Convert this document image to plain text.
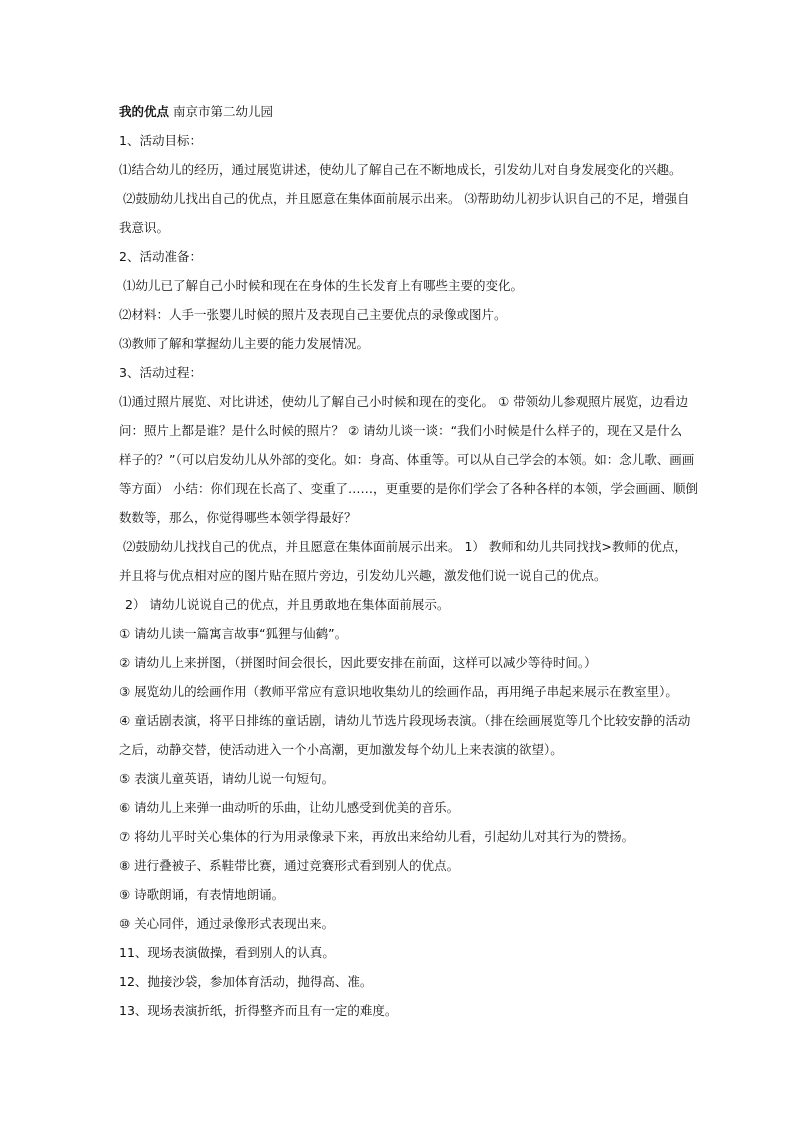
我的优点 南京市第二幼儿园

1、活动目标：

⑴结合幼儿的经历，通过展览讲述，使幼儿了解自己在不断地成长，引发幼儿对自身发展变化的兴趣。

⑵鼓励幼儿找出自己的优点，并且愿意在集体面前展示出来。 ⑶帮助幼儿初步认识自己的不足，增强自

我意识。

2、活动准备：

⑴幼儿已了解自己小时候和现在在身体的生长发育上有哪些主要的变化。

⑵材料：人手一张婴儿时候的照片及表现自己主要优点的录像或图片。

⑶教师了解和掌握幼儿主要的能力发展情况。

3、活动过程：

⑴通过照片展览、对比讲述，使幼儿了解自己小时候和现在的变化。 ① 带领幼儿参观照片展览，边看边

问：照片上都是谁？是什么时候的照片？ ② 请幼儿谈一谈：“我们小时候是什么样子的，现在又是什么

样子的？”（可以启发幼儿从外部的变化。如：身高、体重等。可以从自己学会的本领。如：念儿歌、画画

等方面） 小结：你们现在长高了、变重了……，更重要的是你们学会了各种各样的本领，学会画画、顺倒

数数等，那么，你觉得哪些本领学得最好？

⑵鼓励幼儿找找自己的优点，并且愿意在集体面前展示出来。 1） 教师和幼儿共同找找>教师的优点，

并且将与优点相对应的图片贴在照片旁边，引发幼儿兴趣，激发他们说一说自己的优点。

2） 请幼儿说说自己的优点，并且勇敢地在集体面前展示。

① 请幼儿读一篇寓言故事“狐狸与仙鹤”。

② 请幼儿上来拼图，（拼图时间会很长，因此要安排在前面，这样可以减少等待时间。）

③ 展览幼儿的绘画作用（教师平常应有意识地收集幼儿的绘画作品，再用绳子串起来展示在教室里）。

④ 童话剧表演，将平日排练的童话剧，请幼儿节选片段现场表演。（排在绘画展览等几个比较安静的活动

之后，动静交替，使活动进入一个小高潮，更加激发每个幼儿上来表演的欲望）。

⑤ 表演儿童英语，请幼儿说一句短句。

⑥ 请幼儿上来弹一曲动听的乐曲，让幼儿感受到优美的音乐。

⑦ 将幼儿平时关心集体的行为用录像录下来，再放出来给幼儿看，引起幼儿对其行为的赞扬。

⑧ 进行叠被子、系鞋带比赛，通过竞赛形式看到别人的优点。

⑨ 诗歌朗诵，有表情地朗诵。

⑩ 关心同伴，通过录像形式表现出来。

11、现场表演做操，看到别人的认真。

12、抛接沙袋，参加体育活动，抛得高、准。

13、现场表演折纸，折得整齐而且有一定的难度。
